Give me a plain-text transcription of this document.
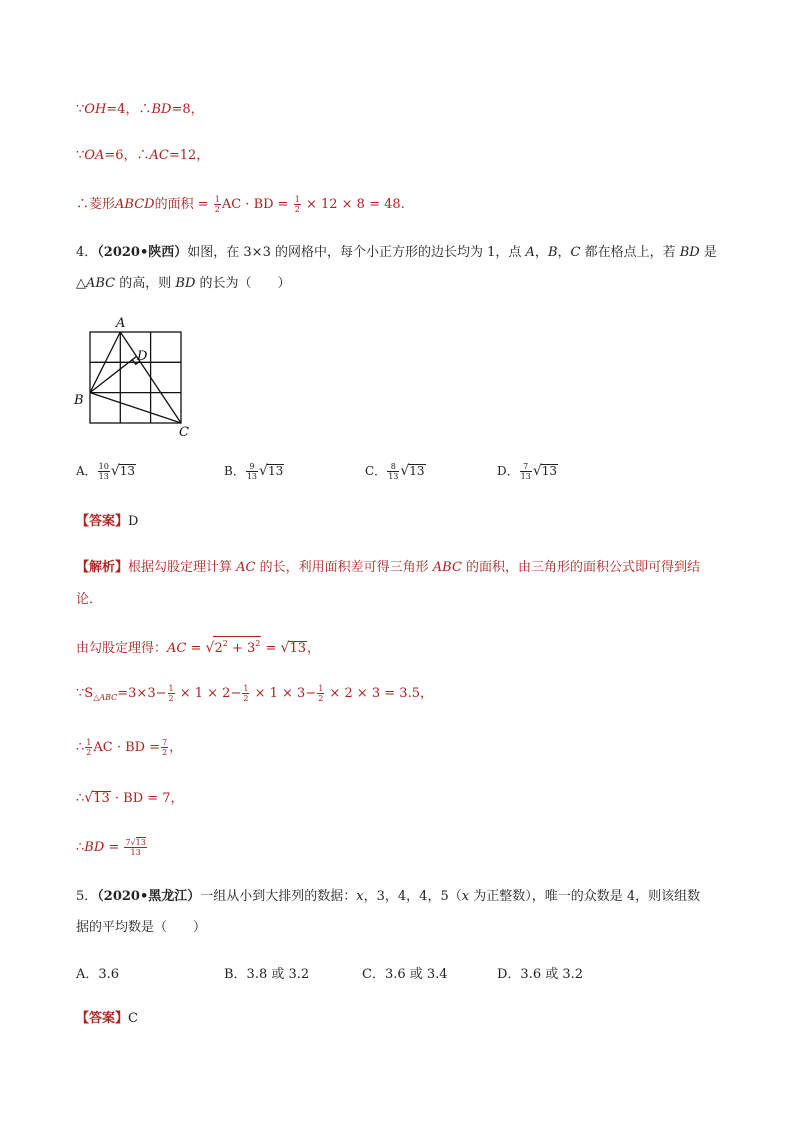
∵OH=4，∴BD=8，
∵OA=6，∴AC=12，
∴菱形ABCD的面积 = $\frac{1}{2}$ AC · BD = $\frac{1}{2} \times 12 \times 8 = 48$.
4．（2020•陕西）如图，在 3×3 的网格中，每个小正方形的边长均为 1，点 A，B，C 都在格点上，若 BD 是
△ABC 的高，则 BD 的长为（　　）
A
B
C
D
A． $\frac{10}{13} √13$	B． $\frac{9}{13} √13$	C． $\frac{8}{13} √13$	D． $\frac{7}{13} √13$
【答案】D
【解析】根据勾股定理计算 AC 的长，利用面积差可得三角形 ABC 的面积，由三角形的面积公式即可得到结
论．
由勾股定理得：AC = $√2^2 + 3^2 = √13$，
$\because S_{\triangle ABC}=3\times 3- \frac{1}{2} \times 1 \times 2- \frac{1}{2} \times 1 \times 3- \frac{1}{2} \times 2 \times 3 = 3.5$，
∴ $\frac{1}{2}$ AC · BD = $\frac{7}{2}$ ，
∴√13 · BD = 7，
∴BD = $\frac{7√13}{13}$
5．（2020•黑龙江）一组从小到大排列的数据：x，3，4，4，5（x 为正整数），唯一的众数是 4，则该组数
据的平均数是（　　）
A．3.6	B．3.8 或 3.2	C．3.6 或 3.4	D．3.6 或 3.2
【答案】C
